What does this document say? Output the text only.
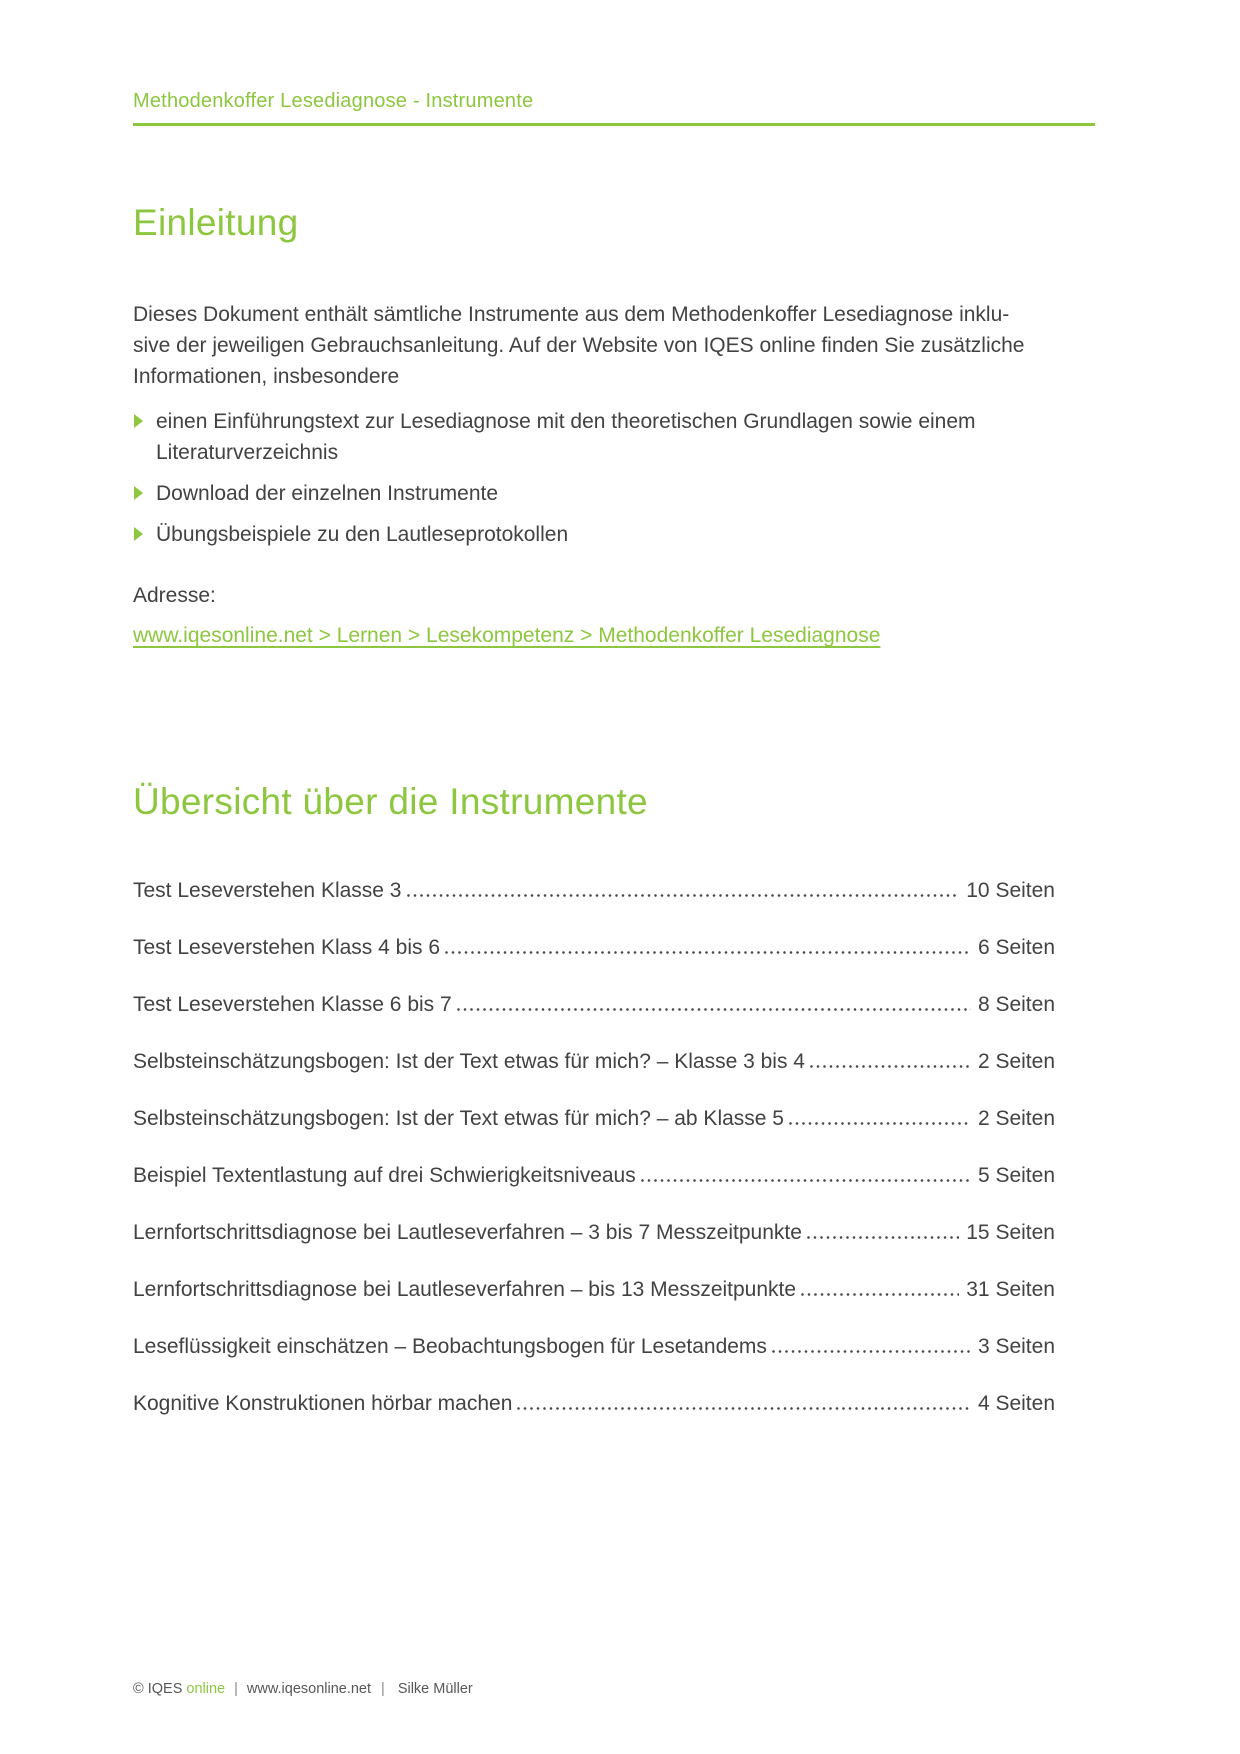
Methodenkoffer Lesediagnose - Instrumente
Einleitung

Dieses Dokument enthält sämtliche Instrumente aus dem Methodenkoffer Lesediagnose inklu-
sive der jeweiligen Gebrauchsanleitung. Auf der Website von IQES online finden Sie zusätzliche
Informationen, insbesondere

einen Einführungstext zur Lesediagnose mit den theoretischen Grundlagen sowie einem
Literaturverzeichnis
Download der einzelnen Instrumente
Übungsbeispiele zu den Lautleseprotokollen
Adresse:
www.iqesonline.net > Lernen > Lesekompetenz > Methodenkoffer Lesediagnose
Übersicht über die Instrumente
Test Leseverstehen Klasse 3	10 Seiten
Test Leseverstehen Klass 4 bis 6	6 Seiten
Test Leseverstehen Klasse 6 bis 7	8 Seiten
Selbsteinschätzungsbogen: Ist der Text etwas für mich? – Klasse 3 bis 4	2 Seiten
Selbsteinschätzungsbogen: Ist der Text etwas für mich? – ab Klasse 5	2 Seiten
Beispiel Textentlastung auf drei Schwierigkeitsniveaus	5 Seiten
Lernfortschrittsdiagnose bei Lautleseverfahren – 3 bis 7 Messzeitpunkte	15 Seiten
Lernfortschrittsdiagnose bei Lautleseverfahren – bis 13 Messzeitpunkte	31 Seiten
Leseflüssigkeit einschätzen – Beobachtungsbogen für Lesetandems	3 Seiten
Kognitive Konstruktionen hörbar machen	4 Seiten
© IQES online | www.iqesonline.net | Silke Müller
